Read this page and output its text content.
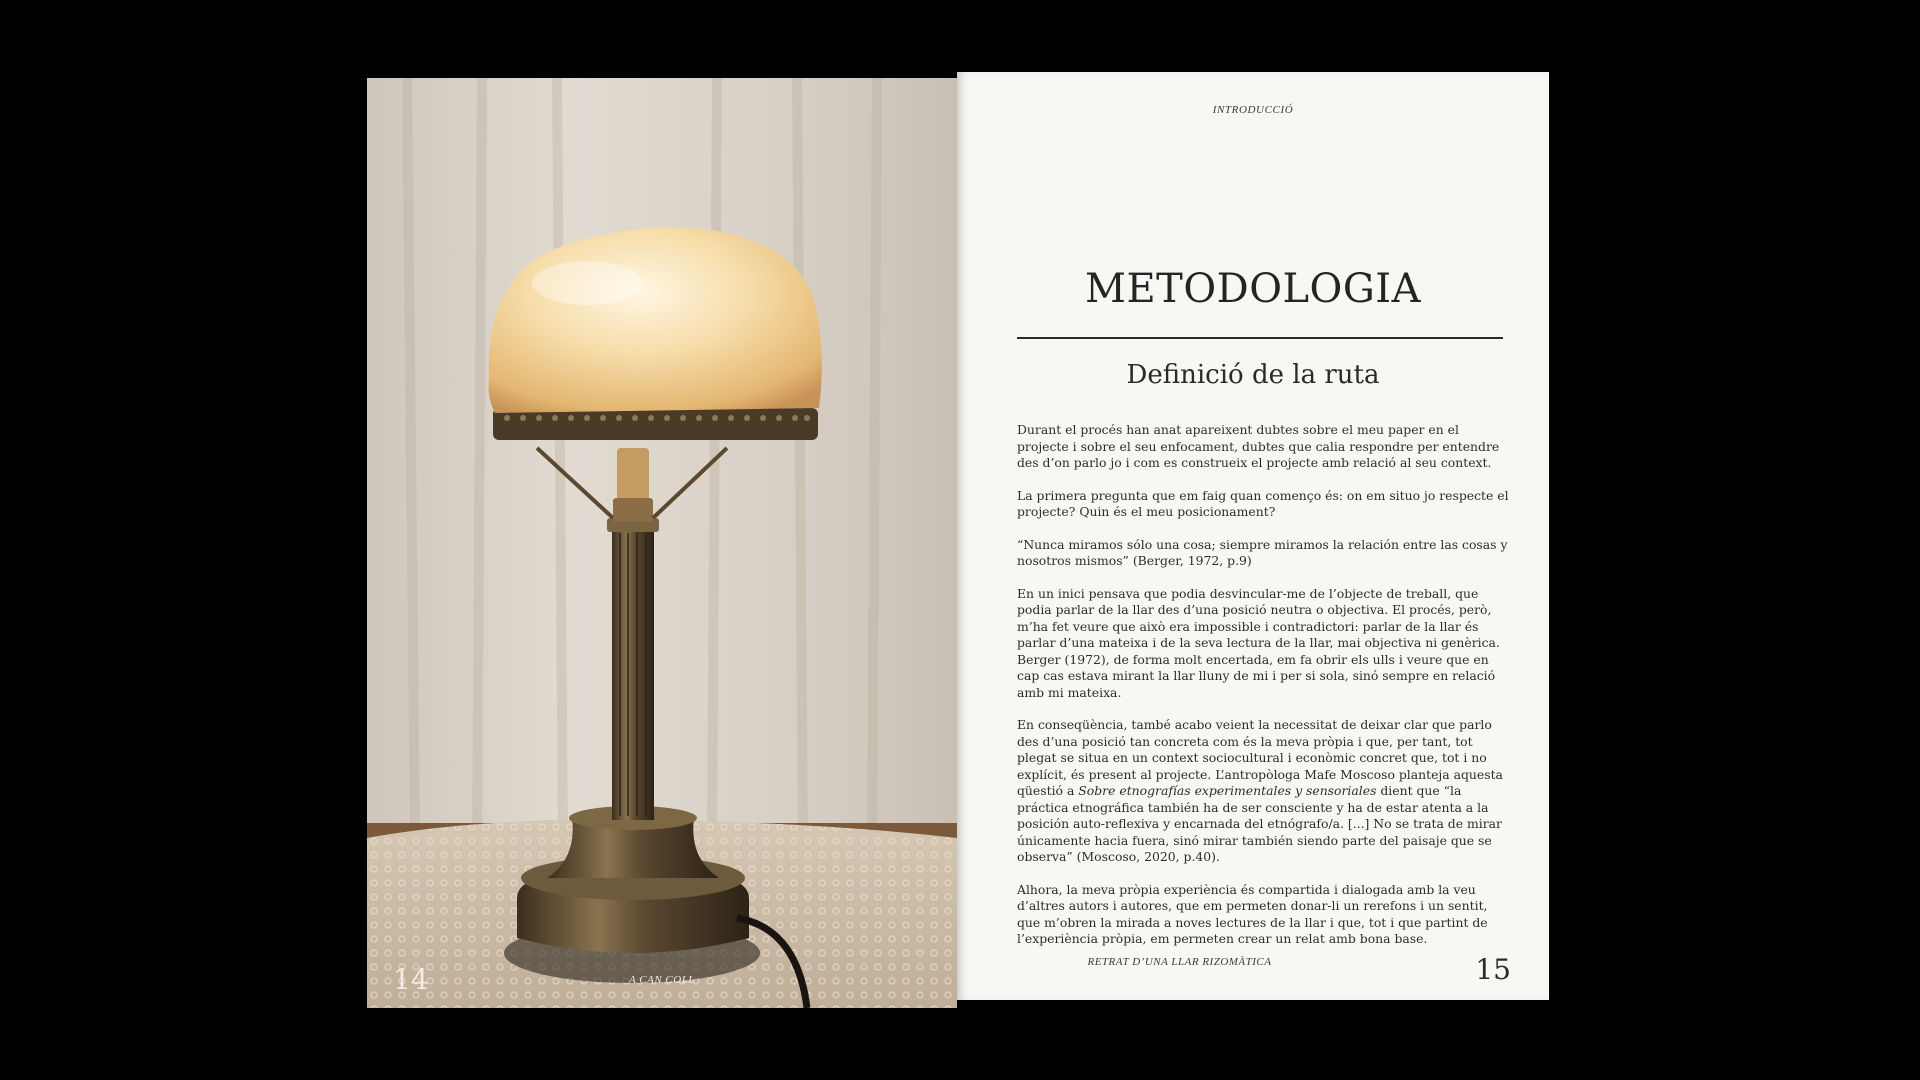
14	A CAN COLL
INTRODUCCIÓ
METODOLOGIA
Definició de la ruta

Durant el procés han anat apareixent dubtes sobre el meu paper en el projecte i sobre el seu enfocament, dubtes que calia respondre per entendre des d’on parlo jo i com es construeix el projecte amb relació al seu context.

La primera pregunta que em faig quan començo és: on em situo jo respecte el projecte? Quin és el meu posicionament?

“Nunca miramos sólo una cosa; siempre miramos la relación entre las cosas y nosotros mismos” (Berger, 1972, p.9)

En un inici pensava que podia desvincular-me de l’objecte de treball, que podia parlar de la llar des d’una posició neutra o objectiva. El procés, però, m’ha fet veure que això era impossible i contradictori: parlar de la llar és parlar d’una mateixa i de la seva lectura de la llar, mai objectiva ni genèrica. Berger (1972), de forma molt encertada, em fa obrir els ulls i veure que en cap cas estava mirant la llar lluny de mi i per si sola, sinó sempre en relació amb mi mateixa.

En conseqüència, també acabo veient la necessitat de deixar clar que parlo des d’una posició tan concreta com és la meva pròpia i que, per tant, tot plegat se situa en un context sociocultural i econòmic concret que, tot i no explícit, és present al projecte. L’antropòloga Mafe Moscoso planteja aquesta qüestió a Sobre etnografías experimentales y sensoriales dient que “la práctica etnográfica también ha de ser consciente y ha de estar atenta a la posición auto-reflexiva y encarnada del etnógrafo/a. [...] No se trata de mirar únicamente hacia fuera, sinó mirar también siendo parte del paisaje que se observa” (Moscoso, 2020, p.40).

Alhora, la meva pròpia experiència és compartida i dialogada amb la veu d’altres autors i autores, que em permeten donar-li un rerefons i un sentit, que m’obren la mirada a noves lectures de la llar i que, tot i que partint de l’experiència pròpia, em permeten crear un relat amb bona base.

RETRAT D’UNA LLAR RIZOMÀTICA	15
